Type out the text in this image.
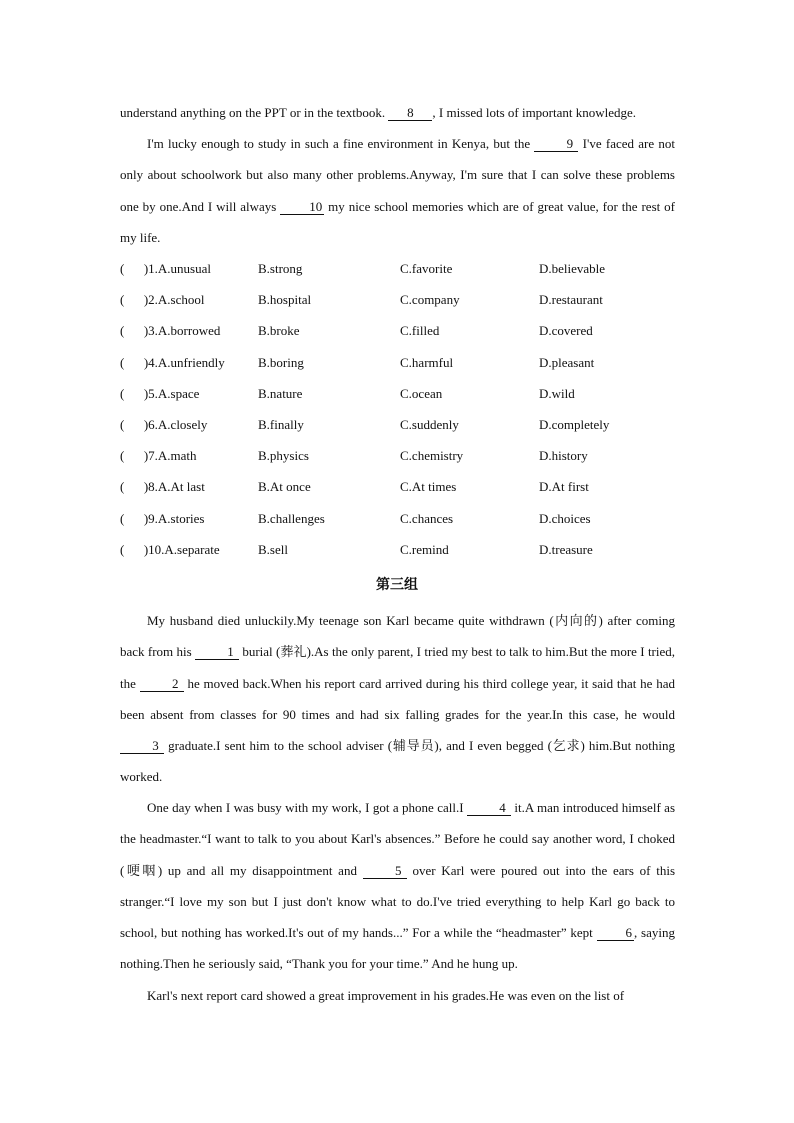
understand anything on the PPT or in the textbook. 8 , I missed lots of important knowledge.
I'm lucky enough to study in such a fine environment in Kenya, but the	9 I've faced are not only about schoolwork but also many other problems.Anyway, I'm sure that I can solve these problems one by one.And I will always	10 my nice school memories which are of great value, for the rest of my life.
(      )1.A.unusual	B.strong	C.favorite	D.believable
(      )2.A.school	B.hospital	C.company	D.restaurant
(      )3.A.borrowed	B.broke	C.filled	D.covered
(      )4.A.unfriendly	B.boring	C.harmful	D.pleasant
(      )5.A.space	B.nature	C.ocean	D.wild
(      )6.A.closely	B.finally	C.suddenly	D.completely
(      )7.A.math	B.physics	C.chemistry	D.history
(      )8.A.At last	B.At once	C.At times	D.At first
(      )9.A.stories	B.challenges	C.chances	D.choices
(      )10.A.separate	B.sell	C.remind	D.treasure
第三组
My husband died unluckily.My teenage son Karl became quite withdrawn (内向的) after coming back from his	1 burial (葬礼).As the only parent, I tried my best to talk to him.But the more I tried, the	2 he moved back.When his report card arrived during his third college year, it said that he had been absent from classes for 90 times and had six falling grades for the year.In this case, he would 3 graduate.I sent him to the school adviser (辅导员), and I even begged (乞求) him.But nothing worked.
One day when I was busy with my work, I got a phone call.I	4 it.A man introduced himself as the headmaster.“I want to talk to you about Karl's absences.” Before he could say another word, I choked (哽咽) up and all my disappointment and	5 over Karl were poured out into the ears of this stranger.“I love my son but I just don't know what to do.I've tried everything to help Karl go back to school, but nothing has worked.It's out of my hands...” For a while the “headmaster” kept	6 , saying nothing.Then he seriously said, “Thank you for your time.” And he hung up.
Karl's next report card showed a great improvement in his grades.He was even on the list of
